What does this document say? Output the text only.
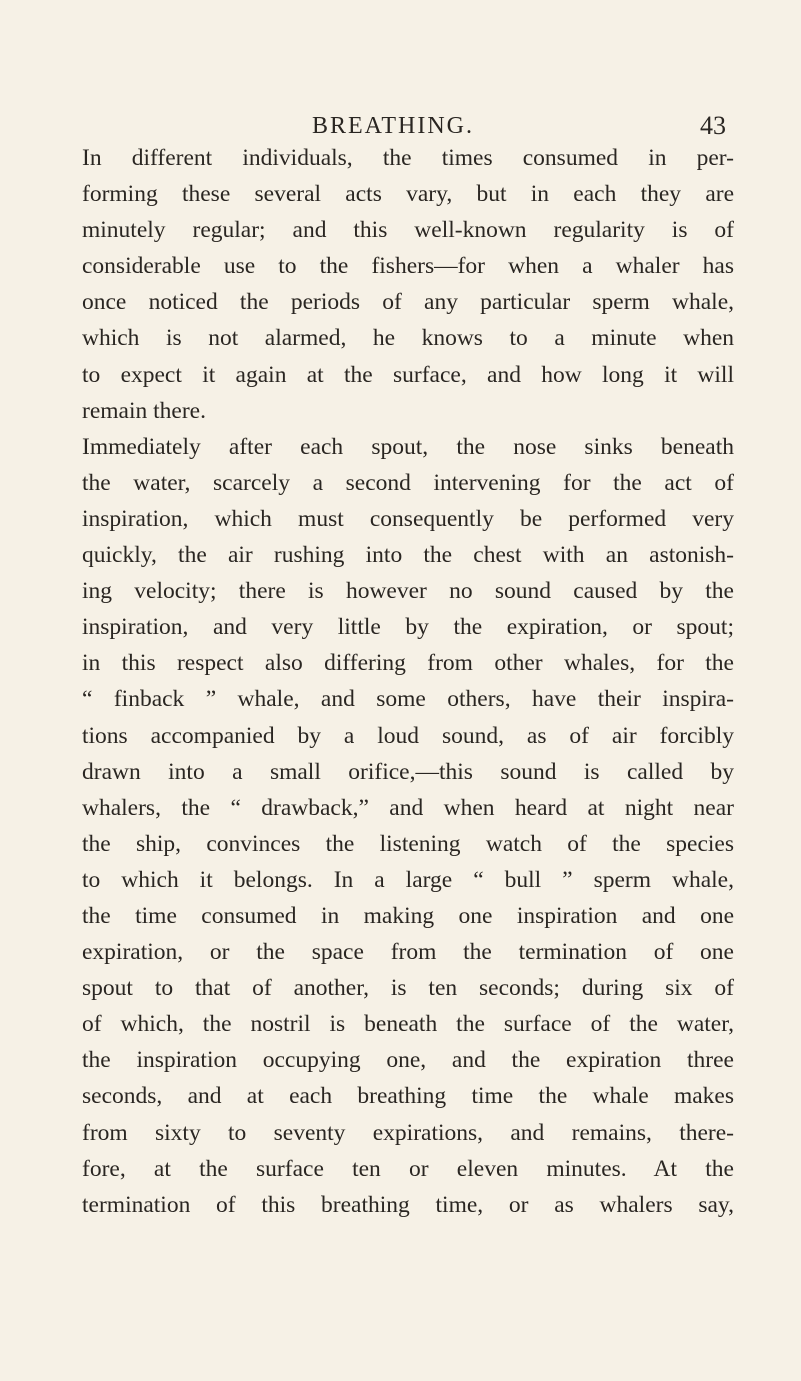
BREATHING.	43
In different individuals, the times consumed in per-
forming these several acts vary, but in each they are
minutely regular; and this well-known regularity is of
considerable use to the fishers—for when a whaler has
once noticed the periods of any particular sperm whale,
which is not alarmed, he knows to a minute when
to expect it again at the surface, and how long it will
remain there.
Immediately after each spout, the nose sinks beneath
the water, scarcely a second intervening for the act of
inspiration, which must consequently be performed very
quickly, the air rushing into the chest with an astonish-
ing velocity; there is however no sound caused by the
inspiration, and very little by the expiration, or spout;
in this respect also differing from other whales, for the
“ finback ” whale, and some others, have their inspira-
tions accompanied by a loud sound, as of air forcibly
drawn into a small orifice,—this sound is called by
whalers, the “ drawback,” and when heard at night near
the ship, convinces the listening watch of the species
to which it belongs. In a large “ bull ” sperm whale,
the time consumed in making one inspiration and one
expiration, or the space from the termination of one
spout to that of another, is ten seconds; during six of
of which, the nostril is beneath the surface of the water,
the inspiration occupying one, and the expiration three
seconds, and at each breathing time the whale makes
from sixty to seventy expirations, and remains, there-
fore, at the surface ten or eleven minutes. At the
termination of this breathing time, or as whalers say,
